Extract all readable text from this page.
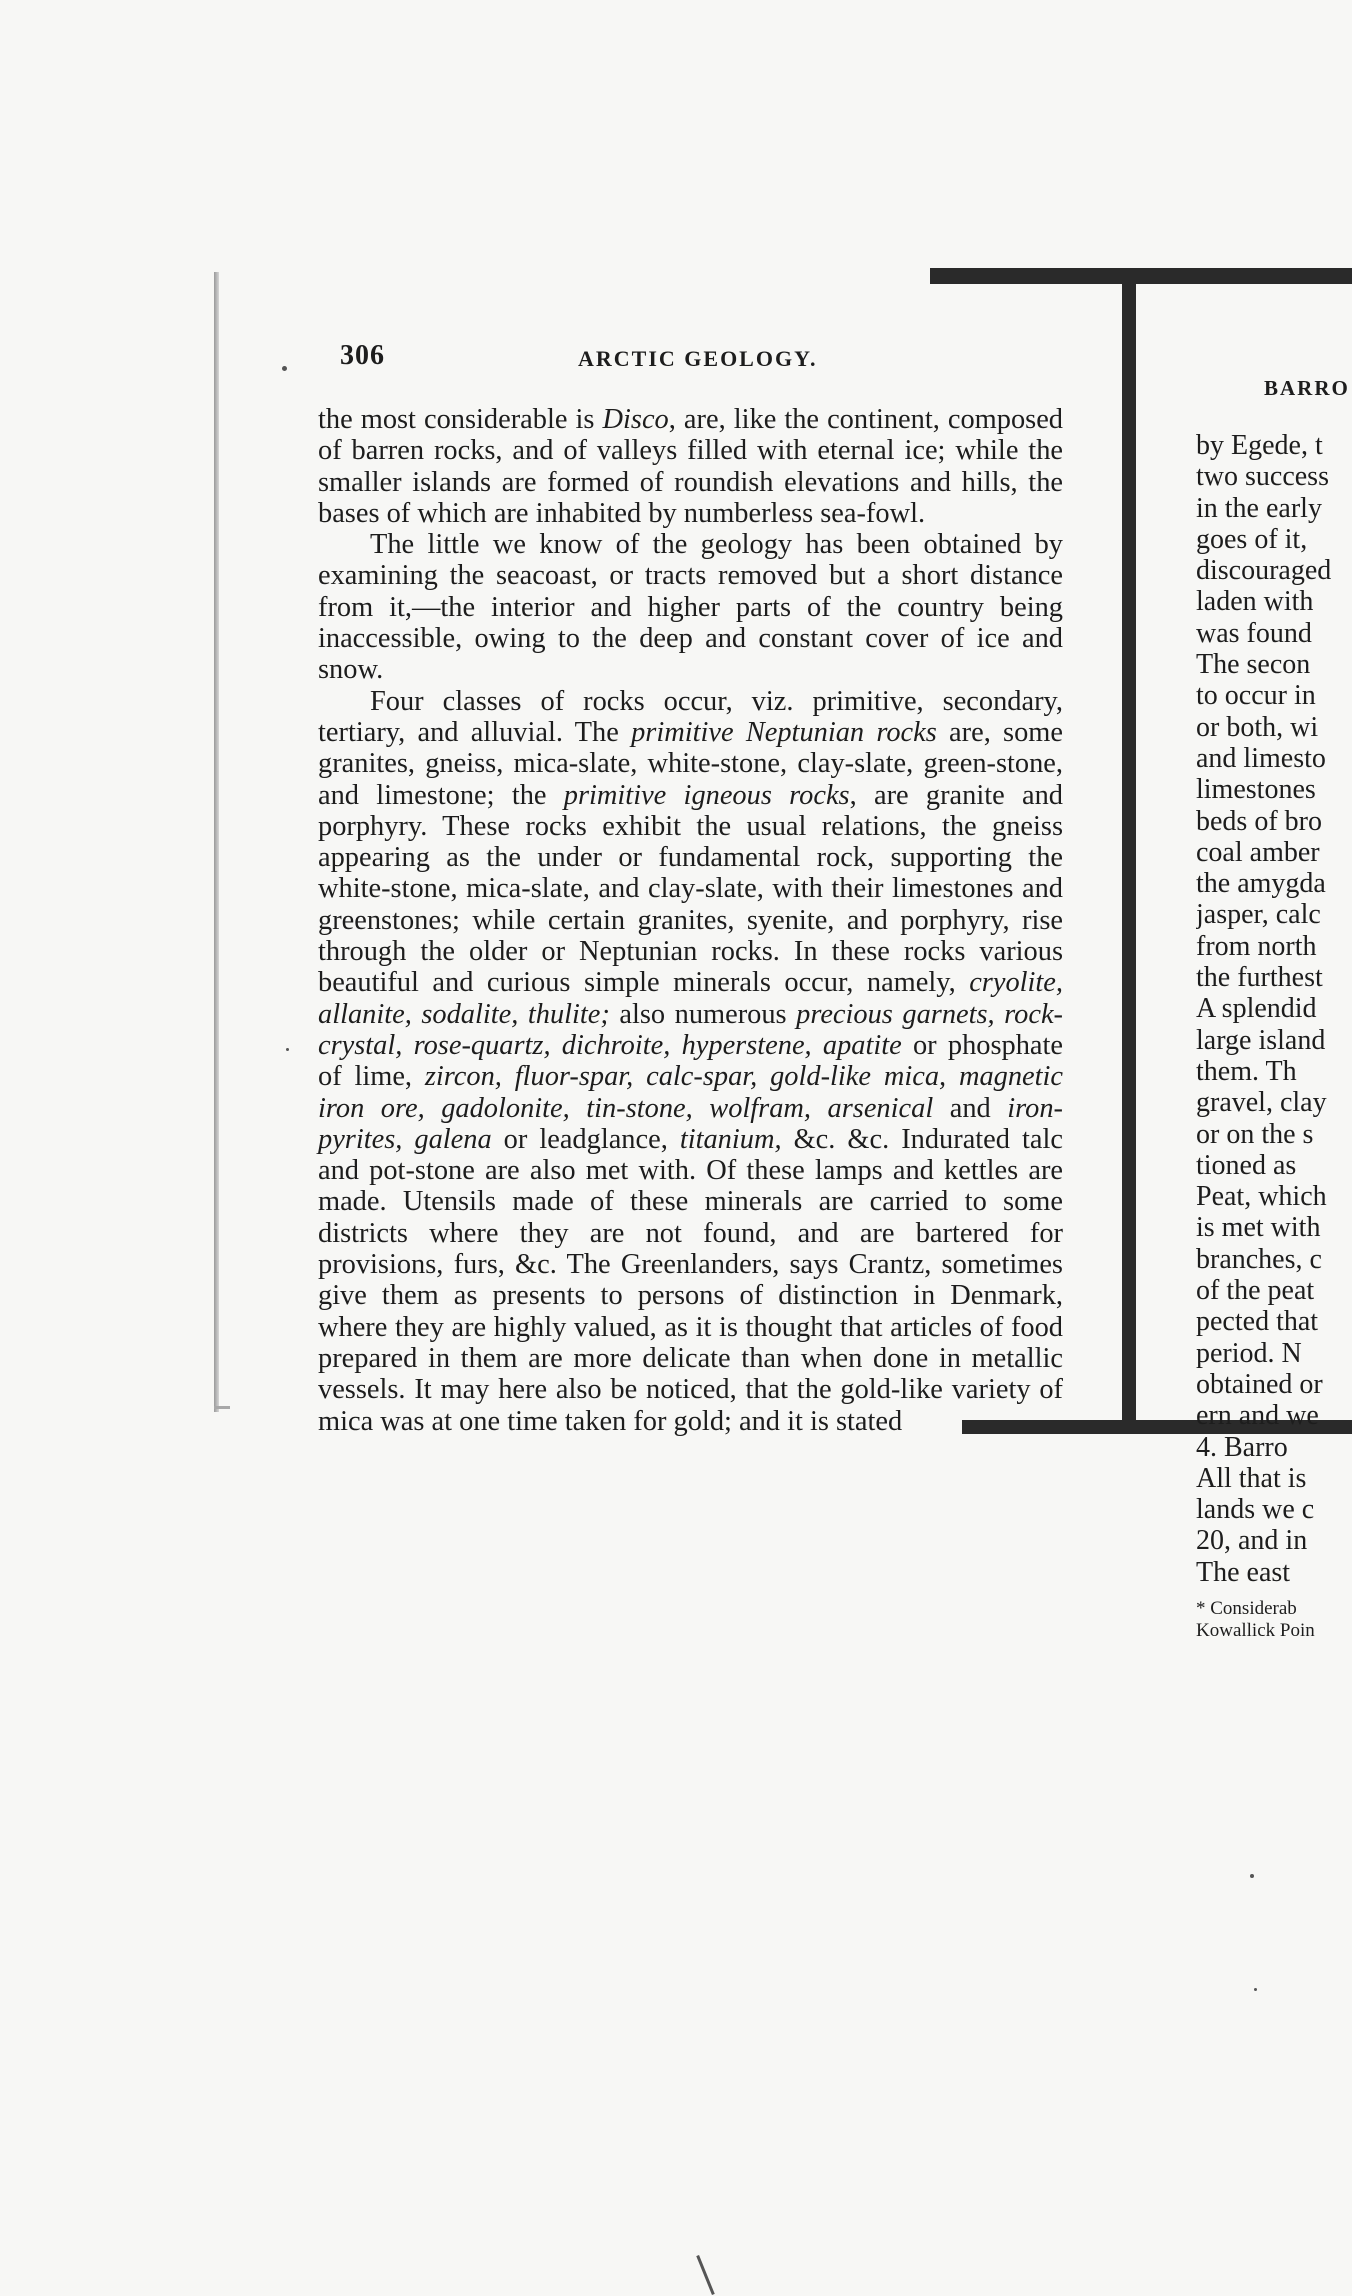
306	ARCTIC GEOLOGY.

the most considerable is Disco, are, like the continent, composed of barren rocks, and of valleys filled with eternal ice; while the smaller islands are formed of roundish elevations and hills, the bases of which are inhabited by numberless sea-fowl.

The little we know of the geology has been obtained by examining the seacoast, or tracts removed but a short distance from it,—the interior and higher parts of the country being inaccessible, owing to the deep and constant cover of ice and snow.

Four classes of rocks occur, viz. primitive, secondary, tertiary, and alluvial. The primitive Neptunian rocks are, some granites, gneiss, mica-slate, white-stone, clay-slate, green-stone, and limestone; the primitive igneous rocks, are granite and porphyry. These rocks exhibit the usual relations, the gneiss appearing as the under or fundamental rock, supporting the white-stone, mica-slate, and clay-slate, with their limestones and greenstones; while certain granites, syenite, and porphyry, rise through the older or Neptunian rocks. In these rocks various beautiful and curious simple minerals occur, namely, cryolite, allanite, sodalite, thulite; also numerous precious garnets, rock-crystal, rose-quartz, dichroite, hyperstene, apatite or phosphate of lime, zircon, fluor-spar, calc-spar, gold-like mica, magnetic iron ore, gadolonite, tin-stone, wolfram, arsenical and iron-pyrites, galena or leadglance, titanium, &c. &c. Indurated talc and pot-stone are also met with. Of these lamps and kettles are made. Utensils made of these minerals are carried to some districts where they are not found, and are bartered for provisions, furs, &c. The Greenlanders, says Crantz, sometimes give them as presents to persons of distinction in Denmark, where they are highly valued, as it is thought that articles of food prepared in them are more delicate than when done in metallic vessels. It may here also be noticed, that the gold-like variety of mica was at one time taken for gold; and it is stated

BARRO
by Egede, t
two success
in the early
goes of it,
discouraged
laden with
was found
The secon
to occur in
or both, wi
and limesto
limestones
beds of bro
coal amber
the amygda
jasper, calc
from north
the furthest
A splendid
large island
them. Th
gravel, clay
or on the s
tioned as
Peat, which
is met with
branches, c
of the peat
pected that
period. N
obtained or
ern and we
4. Barro
All that is
lands we c
20, and in
The east
* Considerab
Kowallick Poin
